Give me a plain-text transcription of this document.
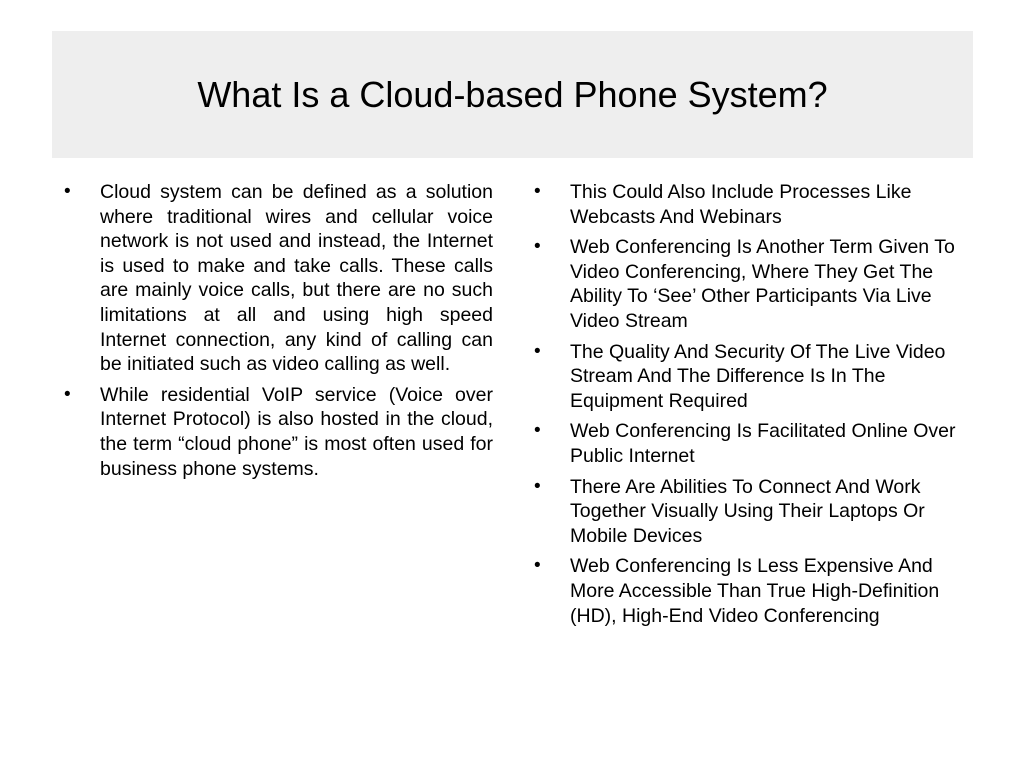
What Is a Cloud-based Phone System?
• Cloud system can be defined as a solution where traditional wires and cellular voice network is not used and instead, the Internet is used to make and take calls. These calls are mainly voice calls, but there are no such limitations at all and using high speed Internet connection, any kind of calling can be initiated such as video calling as well.
• While residential VoIP service (Voice over Internet Protocol) is also hosted in the cloud, the term “cloud phone” is most often used for business phone systems.
• This Could Also Include Processes Like Webcasts And Webinars
• Web Conferencing Is Another Term Given To Video Conferencing, Where They Get The Ability To ‘See’ Other Participants Via Live Video Stream
• The Quality And Security Of The Live Video Stream And The Difference Is In The Equipment Required
• Web Conferencing Is Facilitated Online Over Public Internet
• There Are Abilities To Connect And Work Together Visually Using Their Laptops Or Mobile Devices
• Web Conferencing Is Less Expensive And More Accessible Than True High-Definition (HD), High-End Video Conferencing
